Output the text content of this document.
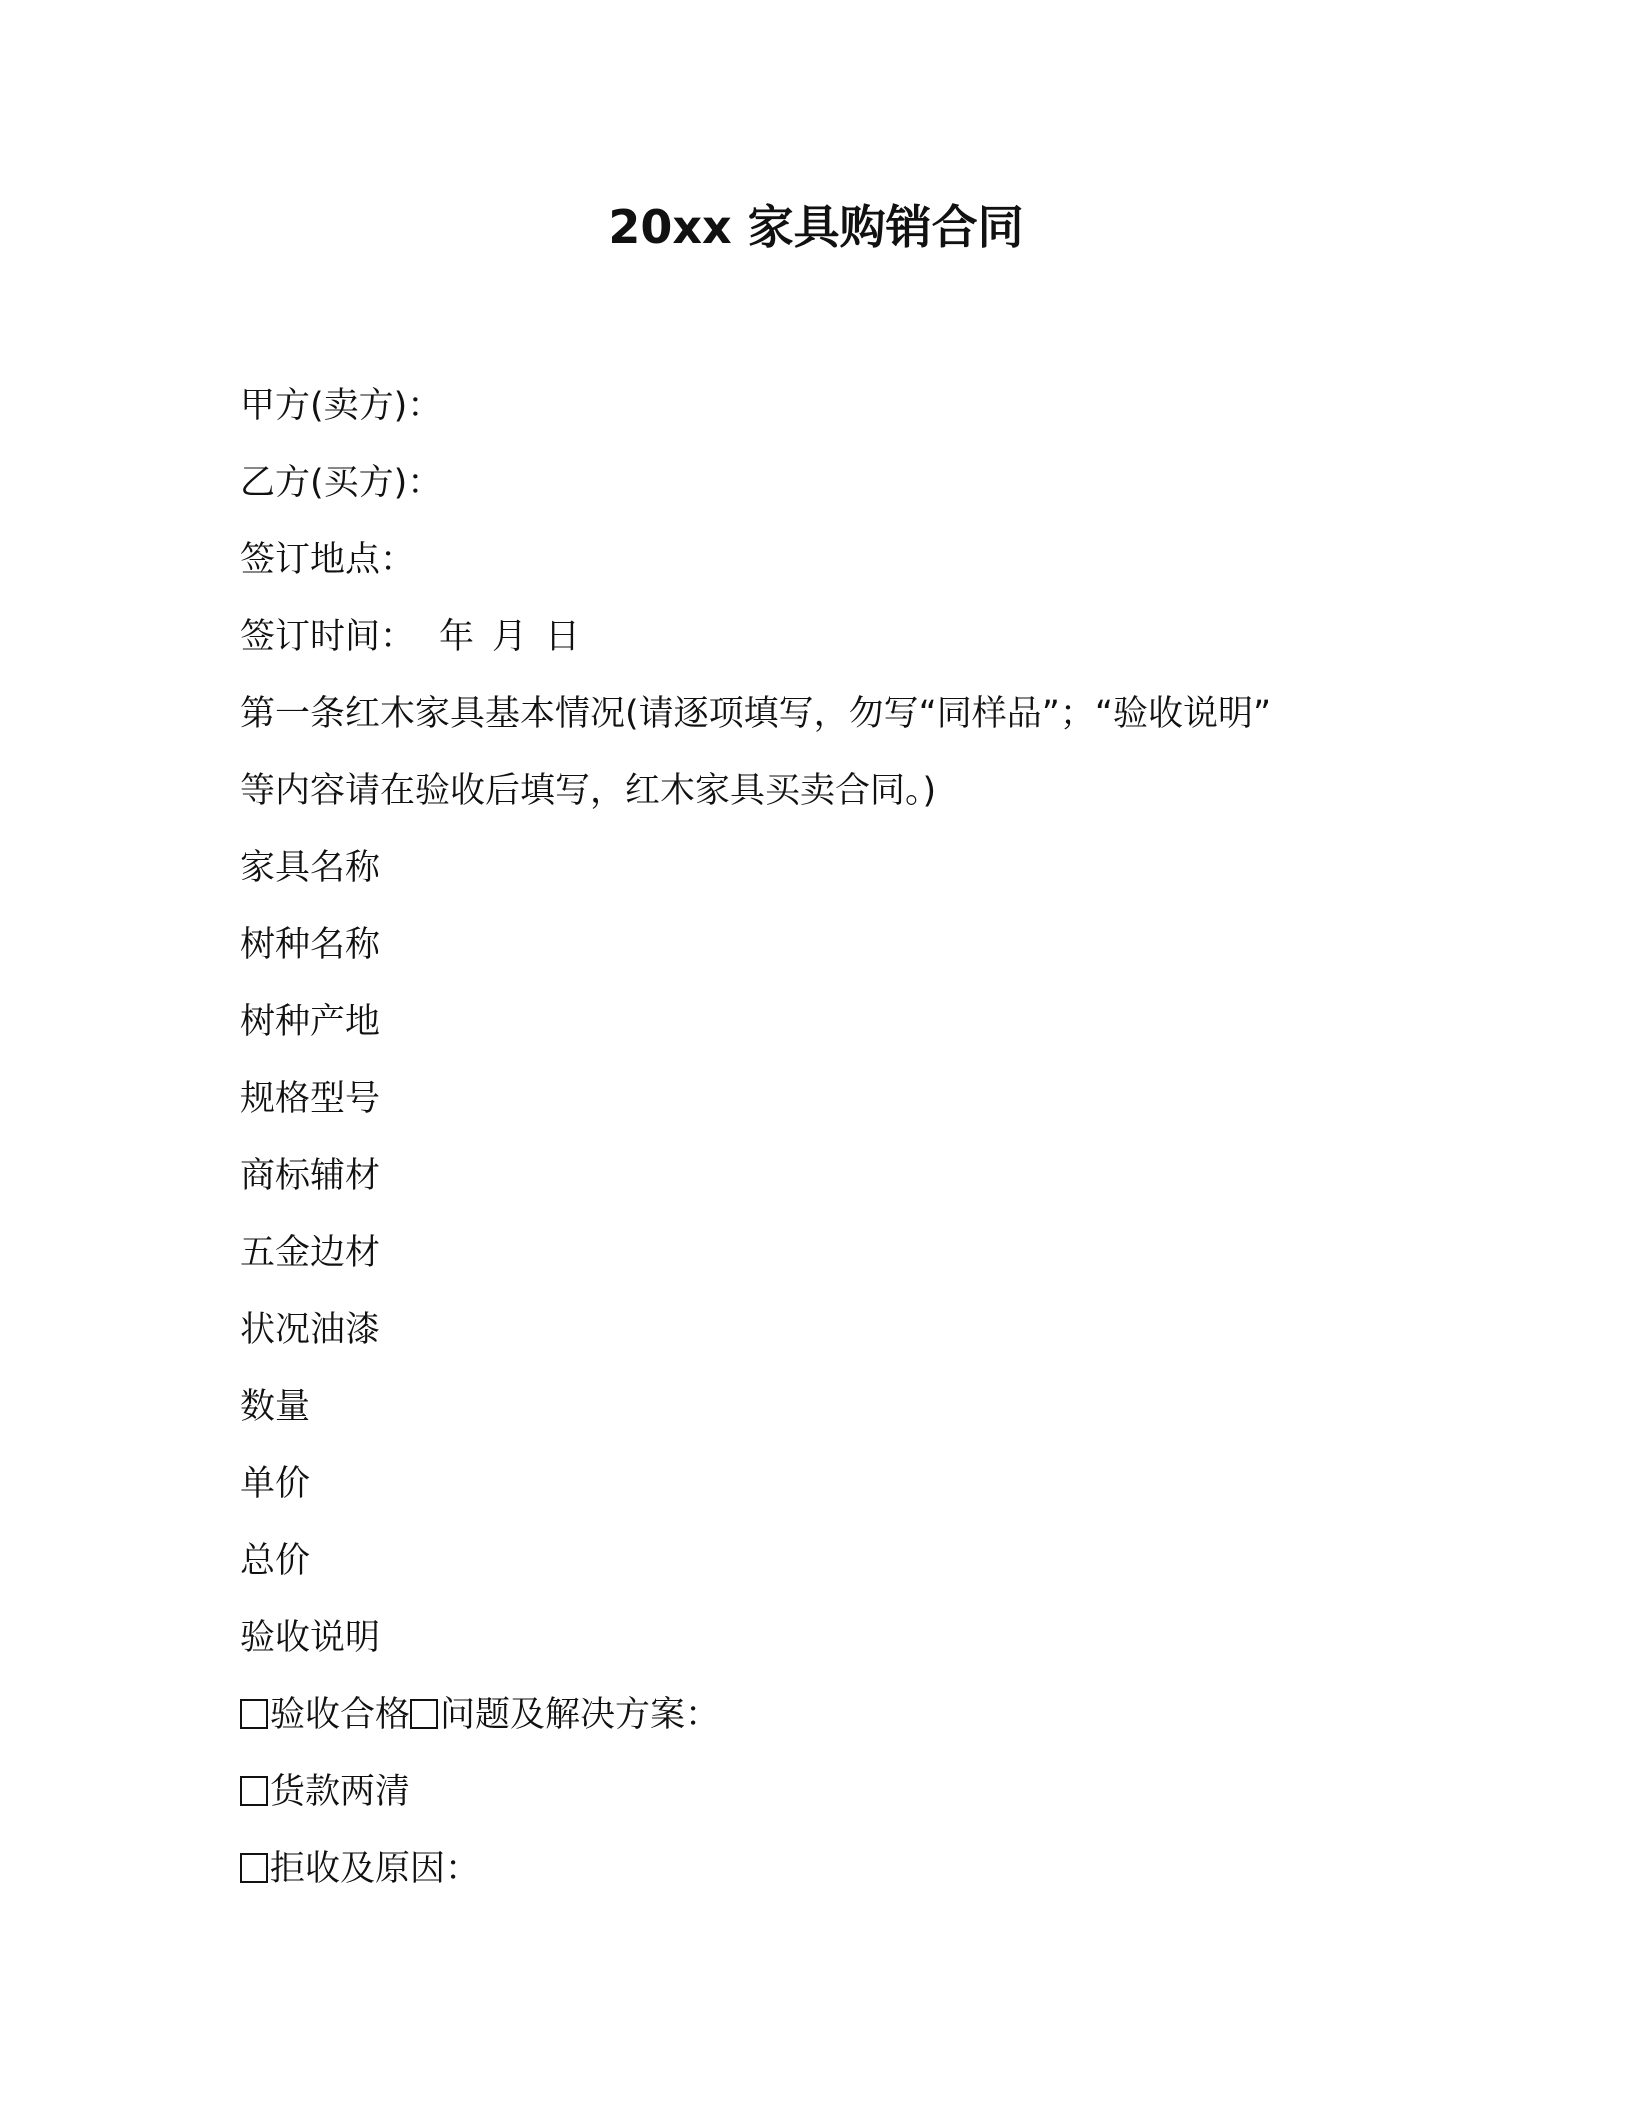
20xx 家具购销合同
甲方(卖方)：
乙方(买方)：
签订地点：
签订时间： 年 月 日
第一条红木家具基本情况(请逐项填写，勿写“同样品”；“验收说明”
等内容请在验收后填写，红木家具买卖合同。)
家具名称
树种名称
树种产地
规格型号
商标辅材
五金边材
状况油漆
数量
单价
总价
验收说明
验收合格 问题及解决方案：
货款两清
拒收及原因：
